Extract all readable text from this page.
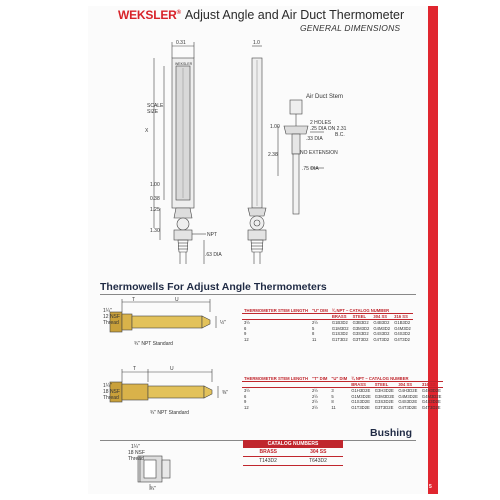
5
WEKSLER® Adjust Angle and Air Duct Thermometer
GENERAL DIMENSIONS
0.31	1.0
WEKSLER
SCALE SIZE
X
1.00
0.38
1.25
NPT
.63 DIA
1.30
Air Duct Stem
2 HOLES
.25 DIA ON 2.31
B.C.
.33 DIA
NO EXTENSION
2.38
1.00
.75 DIA
Thermowells For Adjust Angle Thermometers
1¼"
12 NSF
Thread
¾" NPT Standard
T	U
½"
THERMOMETER STEM LENGTH	"U" DIM	¾ NPT – CATALOG NUMBER			
		BRASS	STEEL	304 SS	316 SS
3½	2½	G1B3D2	G3B3D2	G4B3D2	G1B3D2
6	5	G1M3D2	G3M3D2	G4M3D2	G4M3D2
9	8	G1S3D2	G3S3D2	G4S3D2	G4S3D2
12	11	G1T3D2	G3T3D2	G4T3D2	G4T3D2
1¼"
18 NSF
Thread
¾" NPT Standard
T	U
⅜"
THERMOMETER STEM LENGTH	"T" DIM	"U" DIM	¾ NPT – CATALOG NUMBER			
			BRASS	STEEL	304 SS	316 SS
3½	2½	3	G1H3D2E	G3H3D2E	G4H3D2E	G4H3D2E
6	2½	5	G1M3D2E	G3M3D2E	G4M3D2E	G4M3D2E
9	2½	8	G1S3D2E	G3S3D2E	G4S3D2E	G4S3D2E
12	2½	11	G1T3D2E	G3T3D2E	G4T3D2E	G4T3D2E
Bushing
1¼"
18 NSF
Thread
¾"
CATALOG NUMBERS
BRASS	304 SS
T143D2	T643D2
